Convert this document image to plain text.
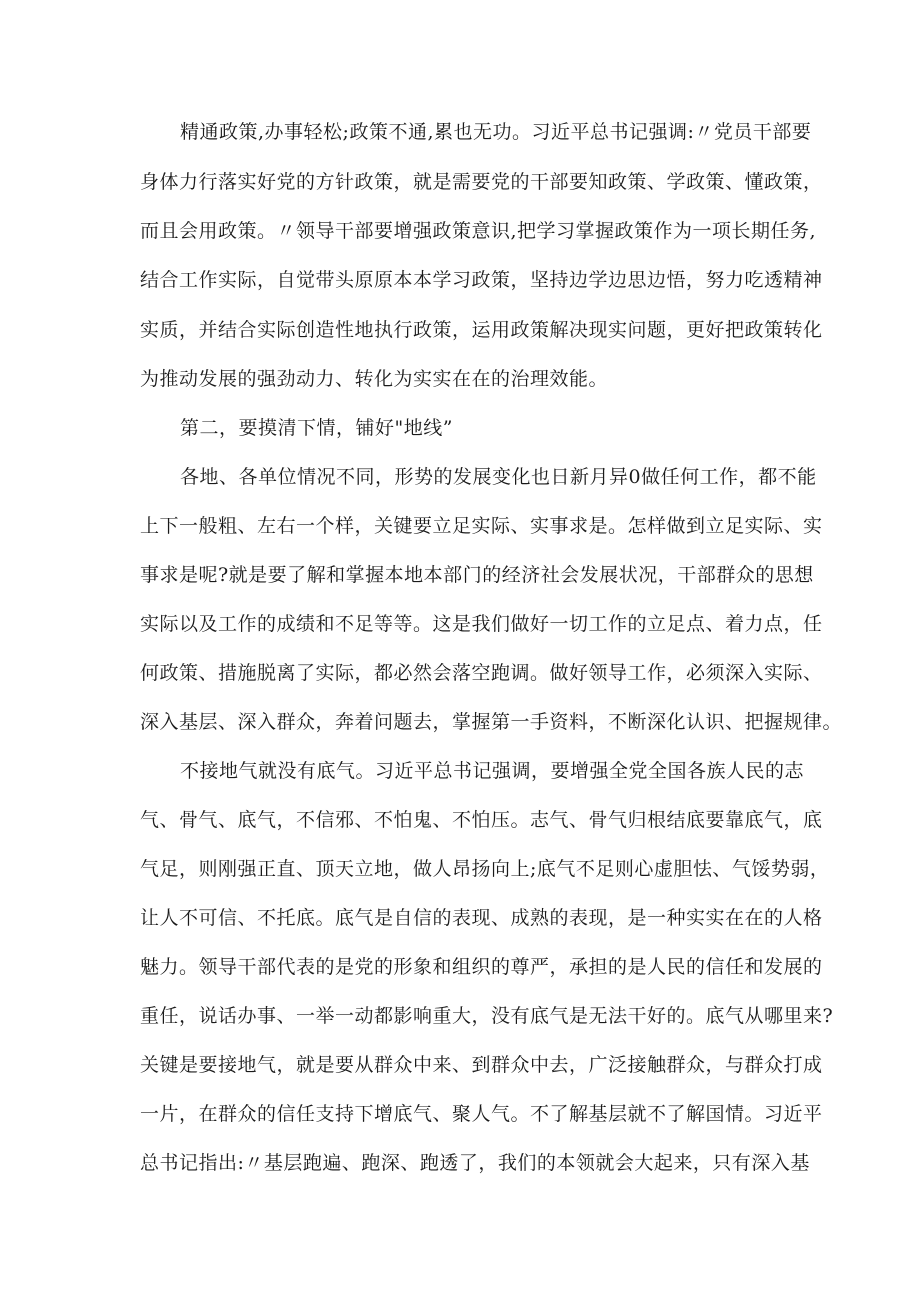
精通政策,办事轻松;政策不通,累也无功。习近平总书记强调:〃党员干部要
身体力行落实好党的方针政策，就是需要党的干部要知政策、学政策、懂政策，
而且会用政策。〃领导干部要增强政策意识,把学习掌握政策作为一项长期任务,
结合工作实际，自觉带头原原本本学习政策，坚持边学边思边悟，努力吃透精神
实质，并结合实际创造性地执行政策，运用政策解决现实问题，更好把政策转化
为推动发展的强劲动力、转化为实实在在的治理效能。
第二，要摸清下情，铺好"地线”
各地、各单位情况不同，形势的发展变化也日新月异0做任何工作，都不能
上下一般粗、左右一个样，关键要立足实际、实事求是。怎样做到立足实际、实
事求是呢?就是要了解和掌握本地本部门的经济社会发展状况，干部群众的思想
实际以及工作的成绩和不足等等。这是我们做好一切工作的立足点、着力点，任
何政策、措施脱离了实际，都必然会落空跑调。做好领导工作，必须深入实际、
深入基层、深入群众，奔着问题去，掌握第一手资料，不断深化认识、把握规律。
不接地气就没有底气。习近平总书记强调，要增强全党全国各族人民的志
气、骨气、底气，不信邪、不怕鬼、不怕压。志气、骨气归根结底要靠底气，底
气足，则刚强正直、顶天立地，做人昂扬向上;底气不足则心虚胆怯、气馁势弱，
让人不可信、不托底。底气是自信的表现、成熟的表现，是一种实实在在的人格
魅力。领导干部代表的是党的形象和组织的尊严，承担的是人民的信任和发展的
重任，说话办事、一举一动都影响重大，没有底气是无法干好的。底气从哪里来?
关键是要接地气，就是要从群众中来、到群众中去，广泛接触群众，与群众打成
一片，在群众的信任支持下增底气、聚人气。不了解基层就不了解国情。习近平
总书记指出:〃基层跑遍、跑深、跑透了，我们的本领就会大起来，只有深入基
